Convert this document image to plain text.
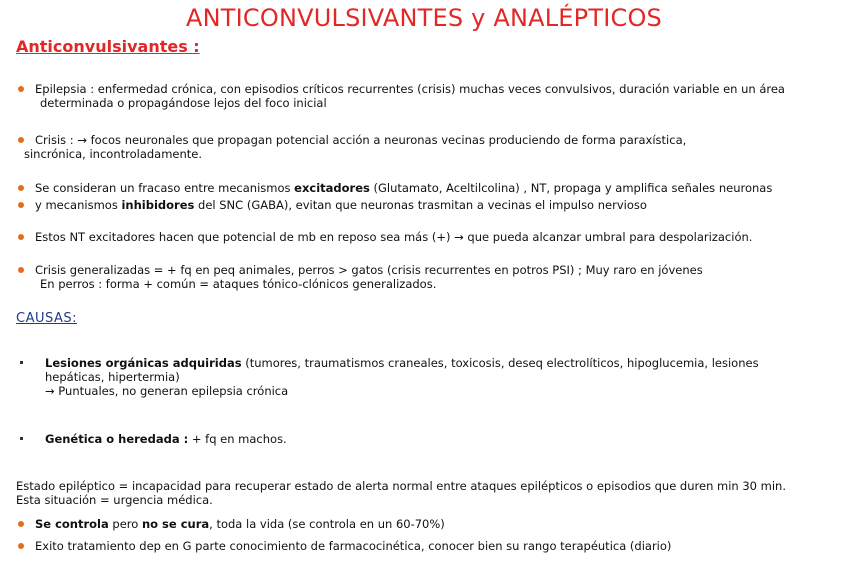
ANTICONVULSIVANTES y ANALÉPTICOS
Anticonvulsivantes :
Epilepsia : enfermedad crónica, con episodios críticos recurrentes (crisis) muchas veces convulsivos, duración variable en un área
determinada o propagándose lejos del foco inicial
Crisis : → focos neuronales que propagan potencial acción a neuronas vecinas produciendo de forma paraxística,
sincrónica, incontroladamente.
Se consideran un fracaso entre mecanismos excitadores (Glutamato, Aceltilcolina) , NT, propaga y amplifica señales neuronas
y mecanismos inhibidores del SNC (GABA), evitan que neuronas trasmitan a vecinas el impulso nervioso
Estos NT excitadores hacen que potencial de mb en reposo sea más (+) → que pueda alcanzar umbral para despolarización.
Crisis generalizadas = + fq en peq animales, perros > gatos (crisis recurrentes en potros PSI) ; Muy raro en jóvenes
En perros : forma + común = ataques tónico-clónicos generalizados.
CAUSAS:
Lesiones orgánicas adquiridas (tumores, traumatismos craneales, toxicosis, deseq electrolíticos, hipoglucemia, lesiones
hepáticas, hipertermia)
→ Puntuales, no generan epilepsia crónica
Genética o heredada : + fq en machos.
Estado epiléptico = incapacidad para recuperar estado de alerta normal entre ataques epilépticos o episodios que duren min 30 min.
Esta situación = urgencia médica.
Se controla pero no se cura, toda la vida (se controla en un 60-70%)
Exito tratamiento dep en G parte conocimiento de farmacocinética, conocer bien su rango terapéutica (diario)
